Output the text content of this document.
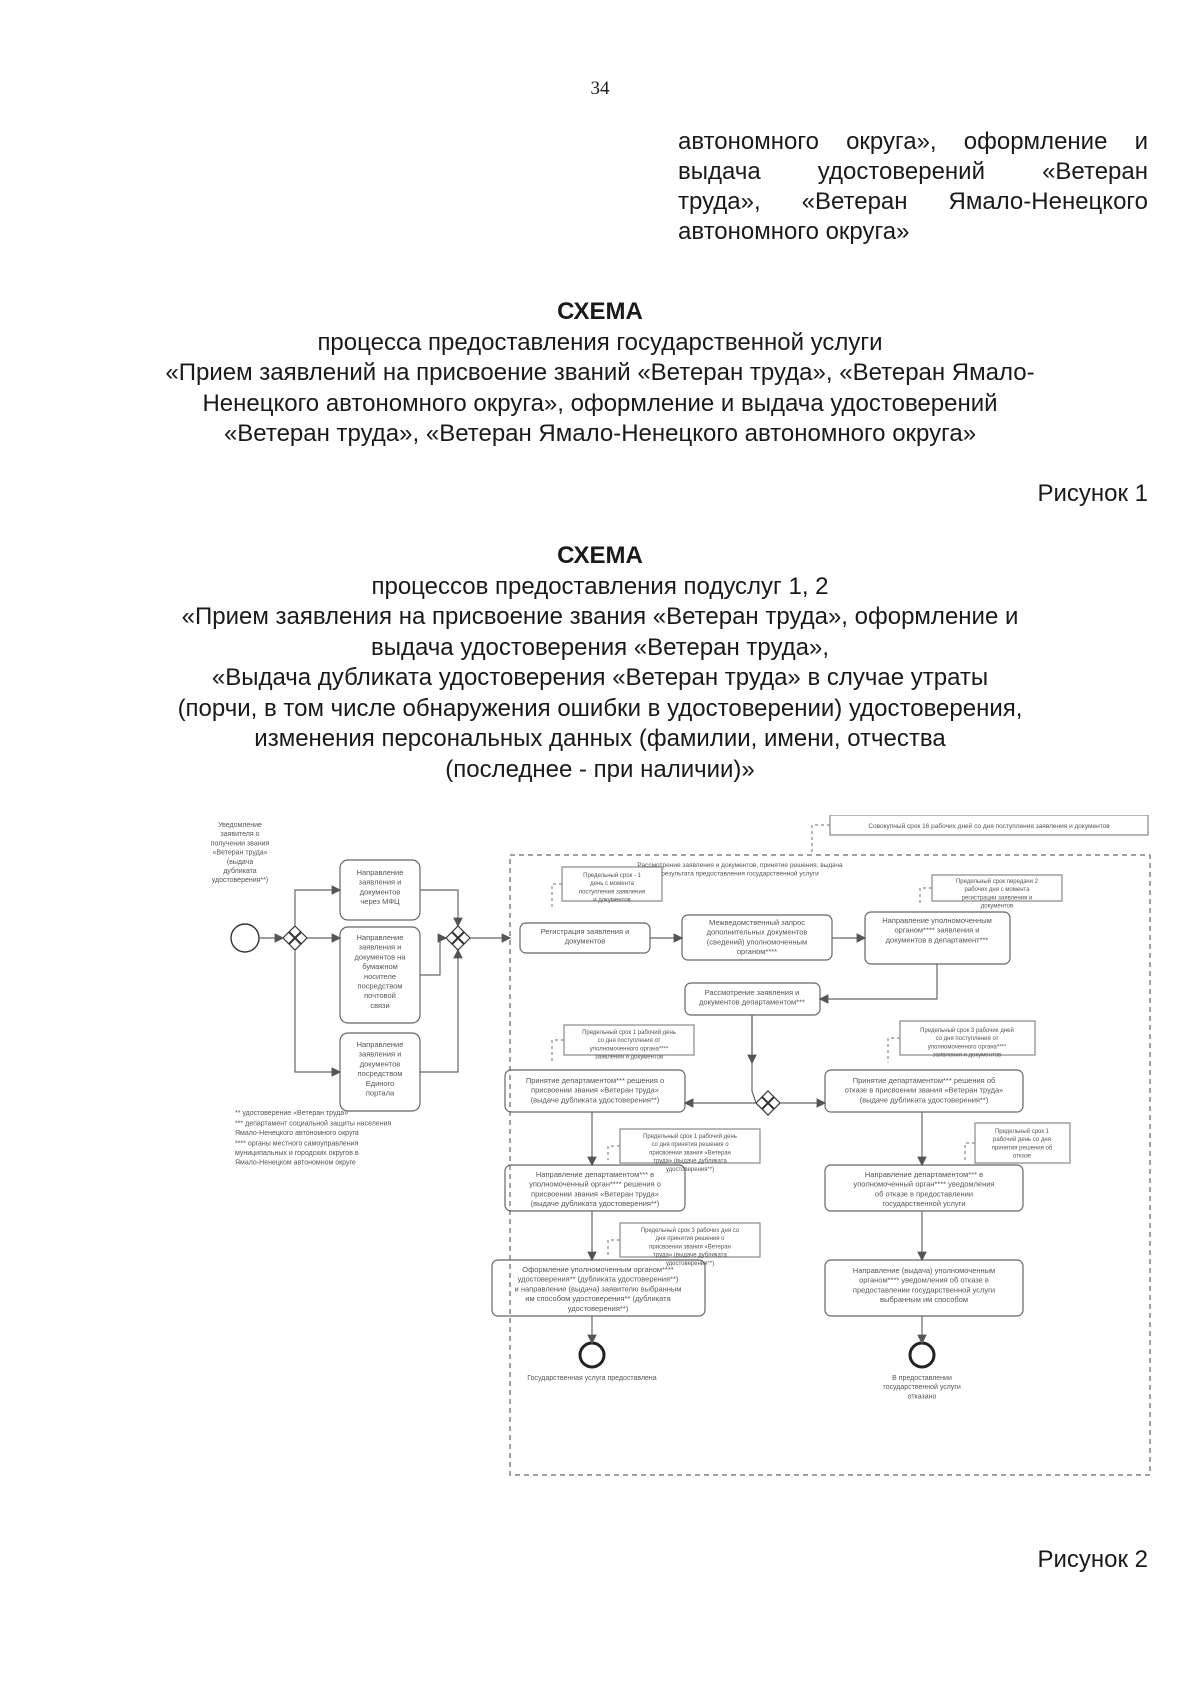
34
автономного округа», оформление и
выдача удостоверений «Ветеран
труда», «Ветеран Ямало-Ненецкого
автономного округа»
СХЕМА
процесса предоставления государственной услуги
«Прием заявлений на присвоение званий «Ветеран труда», «Ветеран Ямало-
Ненецкого автономного округа», оформление и выдача удостоверений
«Ветеран труда», «Ветеран Ямало-Ненецкого автономного округа»
Рисунок 1
СХЕМА
процессов предоставления подуслуг 1, 2
«Прием заявления на присвоение звания «Ветеран труда», оформление и
выдача удостоверения «Ветеран труда»,
«Выдача дубликата удостоверения «Ветеран труда» в случае утраты
(порчи, в том числе обнаружения ошибки в удостоверении) удостоверения,
изменения персональных данных (фамилии, имени, отчества
(последнее - при наличии)»
Совокупный срок 16 рабочих дней со дня поступления заявления и документов
Рассмотрение заявления и документов, принятие решения, выдача результата предоставления государственной услуги
Уведомление заявителя о получении звания «Ветеран труда» (выдача дубликата удостоверения**)
Направление заявления и документов через МФЦ
Направление заявления и документов на бумажном носителе посредством почтовой связи
Направление заявления и документов посредством Единого портала
Регистрация заявления и документов
Предельный срок - 1 день с момента поступления заявления и документов
Межведомственный запрос дополнительных документов (сведений) уполномоченным органом****
Направление уполномоченным органом**** заявления и документов в департамент***
Предельный срок передачи 2 рабочих дня с момента регистрации заявления и документов
Рассмотрение заявления и документов департаментом***
Предельный срок 1 рабочий день со дня поступления от уполномоченного органа**** заявления и документов
Предельный срок 3 рабочих дней со дня поступления от уполномоченного органа**** заявления и документов
Принятие департаментом*** решения о присвоении звания «Ветеран труда» (выдаче дубликата удостоверения**)
Принятие департаментом*** решения об отказе в присвоении звания «Ветеран труда» (выдаче дубликата удостоверения**)
Предельный срок 1 рабочий день со дня принятия решения о присвоении звания «Ветеран труда» (выдаче дубликата удостоверения**)
Предельный срок 1 рабочий день со дня принятия решения об отказе
Направление департаментом*** в уполномоченный орган**** решения о присвоении звания «Ветеран труда» (выдаче дубликата удостоверения**)
Направление департаментом*** в уполномоченный орган**** уведомления об отказе в предоставлении государственной услуги
Предельный срок 3 рабочих дня со дня принятия решения о присвоении звания «Ветеран труда» (выдаче дубликата удостоверения**)
Оформление уполномоченным органом**** удостоверения** (дубликата удостоверения**) и направление (выдача) заявителю выбранным им способом удостоверения** (дубликата удостоверения**)
Направление (выдача) уполномоченным органом**** уведомления об отказе в предоставлении государственной услуги выбранным им способом
Государственная услуга предоставлена	В предоставлении государственной услуги отказано
** удостоверение «Ветеран труда»
*** департамент социальной защиты населения Ямало-Ненецкого автономного округа
**** органы местного самоуправления муниципальных и городских округов в Ямало-Ненецком автономном округе
Рисунок 2
